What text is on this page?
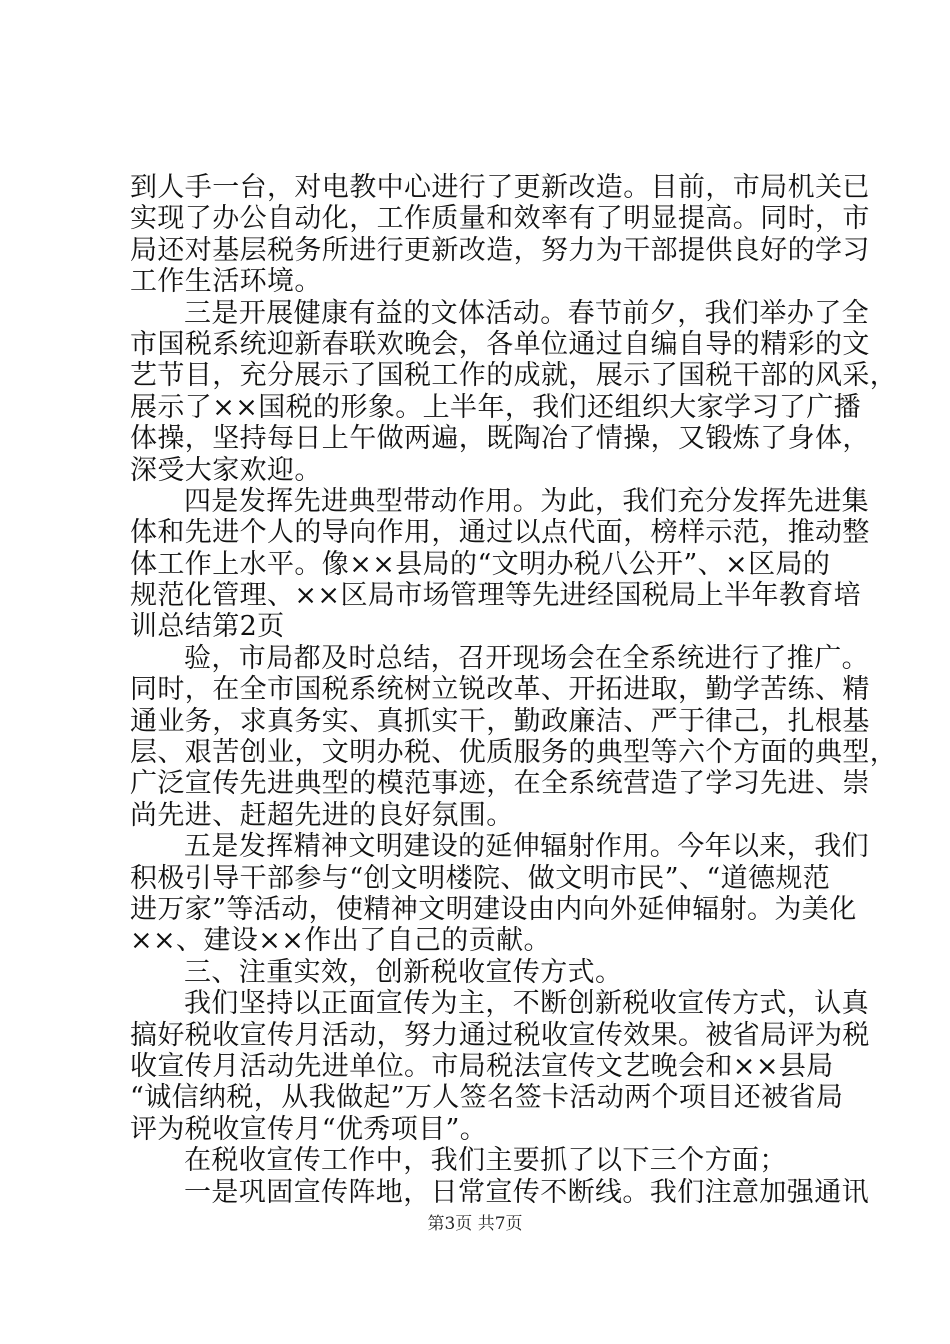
到人手一台，对电教中心进行了更新改造。目前，市局机关已
实现了办公自动化，工作质量和效率有了明显提高。同时，市
局还对基层税务所进行更新改造，努力为干部提供良好的学习
工作生活环境。
三是开展健康有益的文体活动。春节前夕，我们举办了全
市国税系统迎新春联欢晚会，各单位通过自编自导的精彩的文
艺节目，充分展示了国税工作的成就，展示了国税干部的风采，
展示了××国税的形象。上半年，我们还组织大家学习了广播
体操，坚持每日上午做两遍，既陶冶了情操，又锻炼了身体，
深受大家欢迎。
四是发挥先进典型带动作用。为此，我们充分发挥先进集
体和先进个人的导向作用，通过以点代面，榜样示范，推动整
体工作上水平。像××县局的“文明办税八公开”、×区局的
规范化管理、××区局市场管理等先进经国税局上半年教育培
训总结第2页
验，市局都及时总结，召开现场会在全系统进行了推广。
同时，在全市国税系统树立锐改革、开拓进取，勤学苦练、精
通业务，求真务实、真抓实干，勤政廉洁、严于律己，扎根基
层、艰苦创业，文明办税、优质服务的典型等六个方面的典型，
广泛宣传先进典型的模范事迹，在全系统营造了学习先进、崇
尚先进、赶超先进的良好氛围。
五是发挥精神文明建设的延伸辐射作用。今年以来，我们
积极引导干部参与“创文明楼院、做文明市民”、“道德规范
进万家”等活动，使精神文明建设由内向外延伸辐射。为美化
××、建设××作出了自己的贡献。
三、注重实效，创新税收宣传方式。
我们坚持以正面宣传为主，不断创新税收宣传方式，认真
搞好税收宣传月活动，努力通过税收宣传效果。被省局评为税
收宣传月活动先进单位。市局税法宣传文艺晚会和××县局
“诚信纳税，从我做起”万人签名签卡活动两个项目还被省局
评为税收宣传月“优秀项目”。
在税收宣传工作中，我们主要抓了以下三个方面；
一是巩固宣传阵地，日常宣传不断线。我们注意加强通讯
第3页 共7页
